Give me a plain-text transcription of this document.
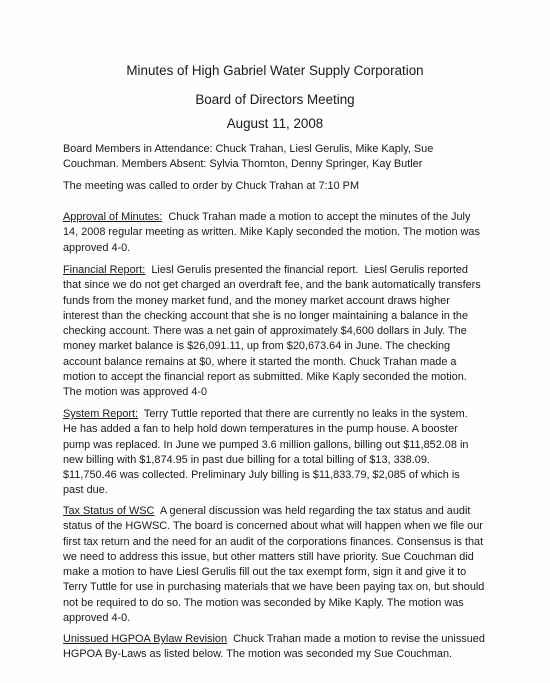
Minutes of High Gabriel Water Supply Corporation
Board of Directors Meeting
August 11, 2008
Board Members in Attendance: Chuck Trahan, Liesl Gerulis, Mike Kaply, Sue
Couchman. Members Absent: Sylvia Thornton, Denny Springer, Kay Butler
The meeting was called to order by Chuck Trahan at 7:10 PM
Approval of Minutes:  Chuck Trahan made a motion to accept the minutes of the July
14, 2008 regular meeting as written. Mike Kaply seconded the motion. The motion was
approved 4-0.
Financial Report:  Liesl Gerulis presented the financial report.  Liesl Gerulis reported
that since we do not get charged an overdraft fee, and the bank automatically transfers
funds from the money market fund, and the money market account draws higher
interest than the checking account that she is no longer maintaining a balance in the
checking account. There was a net gain of approximately $4,600 dollars in July. The
money market balance is $26,091.11, up from $20,673.64 in June. The checking
account balance remains at $0, where it started the month. Chuck Trahan made a
motion to accept the financial report as submitted. Mike Kaply seconded the motion.
The motion was approved 4-0
System Report:  Terry Tuttle reported that there are currently no leaks in the system.
He has added a fan to help hold down temperatures in the pump house. A booster
pump was replaced. In June we pumped 3.6 million gallons, billing out $11,852.08 in
new billing with $1,874.95 in past due billing for a total billing of $13, 338.09.
$11,750.46 was collected. Preliminary July billing is $11,833.79, $2,085 of which is
past due.
Tax Status of WSC  A general discussion was held regarding the tax status and audit
status of the HGWSC. The board is concerned about what will happen when we file our
first tax return and the need for an audit of the corporations finances. Consensus is that
we need to address this issue, but other matters still have priority. Sue Couchman did
make a motion to have Liesl Gerulis fill out the tax exempt form, sign it and give it to
Terry Tuttle for use in purchasing materials that we have been paying tax on, but should
not be required to do so. The motion was seconded by Mike Kaply. The motion was
approved 4-0.
Unissued HGPOA Bylaw Revision  Chuck Trahan made a motion to revise the unissued
HGPOA By-Laws as listed below. The motion was seconded my Sue Couchman.
